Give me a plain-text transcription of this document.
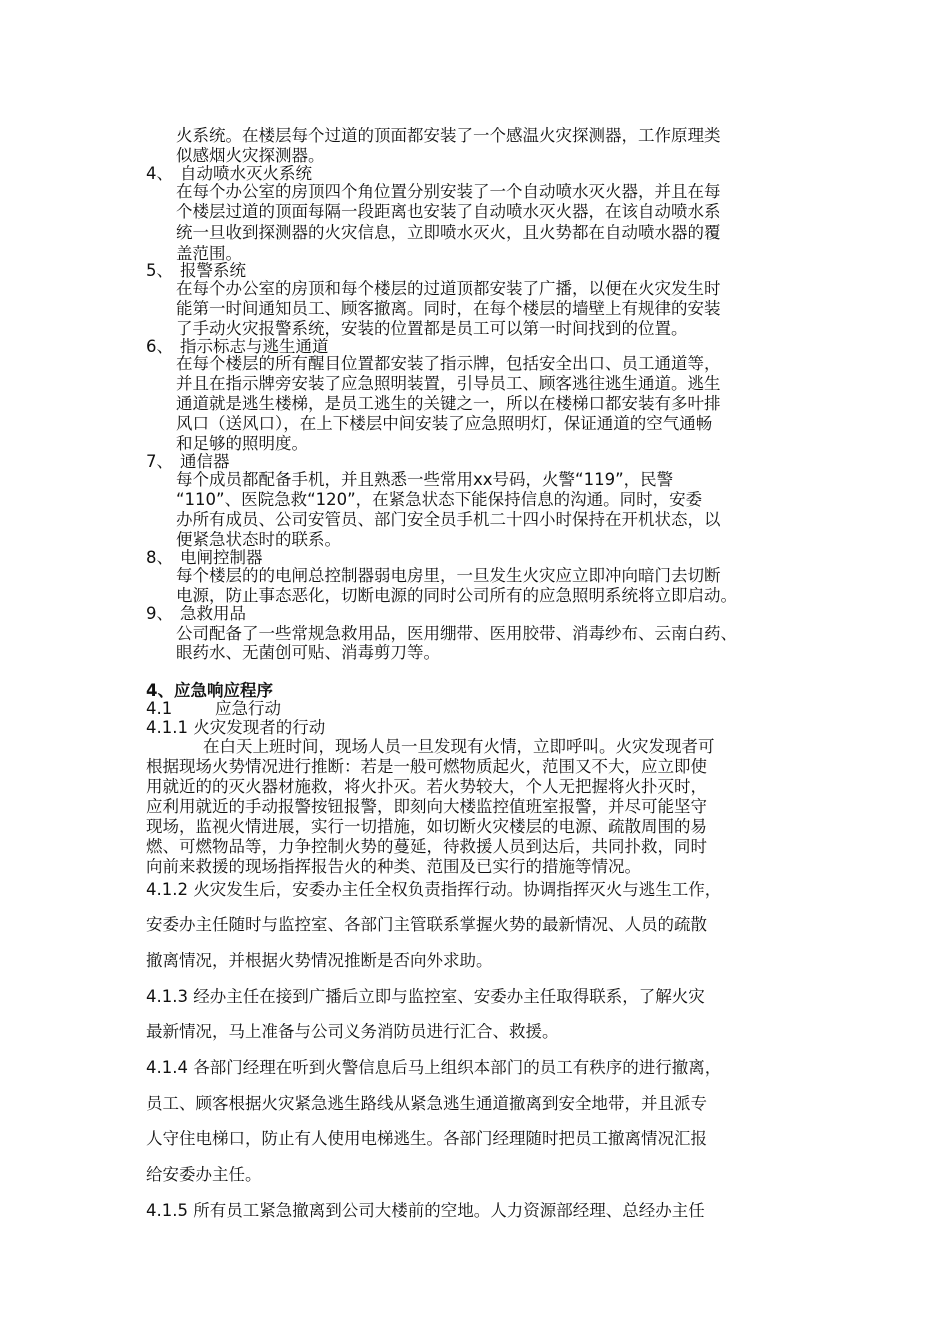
火系统。在楼层每个过道的顶面都安装了一个感温火灾探测器，工作原理类
似感烟火灾探测器。
4、 自动喷水灭火系统
在每个办公室的房顶四个角位置分别安装了一个自动喷水灭火器，并且在每
个楼层过道的顶面每隔一段距离也安装了自动喷水灭火器，在该自动喷水系
统一旦收到探测器的火灾信息，立即喷水灭火，且火势都在自动喷水器的覆
盖范围。
5、 报警系统
在每个办公室的房顶和每个楼层的过道顶都安装了广播，以便在火灾发生时
能第一时间通知员工、顾客撤离。同时，在每个楼层的墙壁上有规律的安装
了手动火灾报警系统，安装的位置都是员工可以第一时间找到的位置。
6、 指示标志与逃生通道
在每个楼层的所有醒目位置都安装了指示牌，包括安全出口、员工通道等，
并且在指示牌旁安装了应急照明装置，引导员工、顾客逃往逃生通道。逃生
通道就是逃生楼梯，是员工逃生的关键之一，所以在楼梯口都安装有多叶排
风口（送风口），在上下楼层中间安装了应急照明灯，保证通道的空气通畅
和足够的照明度。
7、 通信器
每个成员都配备手机，并且熟悉一些常用xx号码，火警“119”，民警
“110”、医院急救“120”，在紧急状态下能保持信息的沟通。同时，安委
办所有成员、公司安管员、部门安全员手机二十四小时保持在开机状态，以
便紧急状态时的联系。
8、 电闸控制器
每个楼层的的电闸总控制器弱电房里，一旦发生火灾应立即冲向暗门去切断
电源，防止事态恶化，切断电源的同时公司所有的应急照明系统将立即启动。
9、 急救用品
公司配备了一些常规急救用品，医用绷带、医用胶带、消毒纱布、云南白药、
眼药水、无菌创可贴、消毒剪刀等。
4、应急响应程序
4.1	应急行动
4.1.1 火灾发现者的行动
在白天上班时间，现场人员一旦发现有火情，立即呼叫。火灾发现者可
根据现场火势情况进行推断：若是一般可燃物质起火，范围又不大，应立即使
用就近的的灭火器材施救，将火扑灭。若火势较大，个人无把握将火扑灭时，
应利用就近的手动报警按钮报警，即刻向大楼监控值班室报警，并尽可能坚守
现场，监视火情进展，实行一切措施，如切断火灾楼层的电源、疏散周围的易
燃、可燃物品等，力争控制火势的蔓延，待救援人员到达后，共同扑救，同时
向前来救援的现场指挥报告火的种类、范围及已实行的措施等情况。
4.1.2 火灾发生后，安委办主任全权负责指挥行动。协调指挥灭火与逃生工作，
安委办主任随时与监控室、各部门主管联系掌握火势的最新情况、人员的疏散
撤离情况，并根据火势情况推断是否向外求助。
4.1.3 经办主任在接到广播后立即与监控室、安委办主任取得联系，了解火灾
最新情况，马上准备与公司义务消防员进行汇合、救援。
4.1.4 各部门经理在听到火警信息后马上组织本部门的员工有秩序的进行撤离，
员工、顾客根据火灾紧急逃生路线从紧急逃生通道撤离到安全地带，并且派专
人守住电梯口，防止有人使用电梯逃生。各部门经理随时把员工撤离情况汇报
给安委办主任。
4.1.5 所有员工紧急撤离到公司大楼前的空地。人力资源部经理、总经办主任
